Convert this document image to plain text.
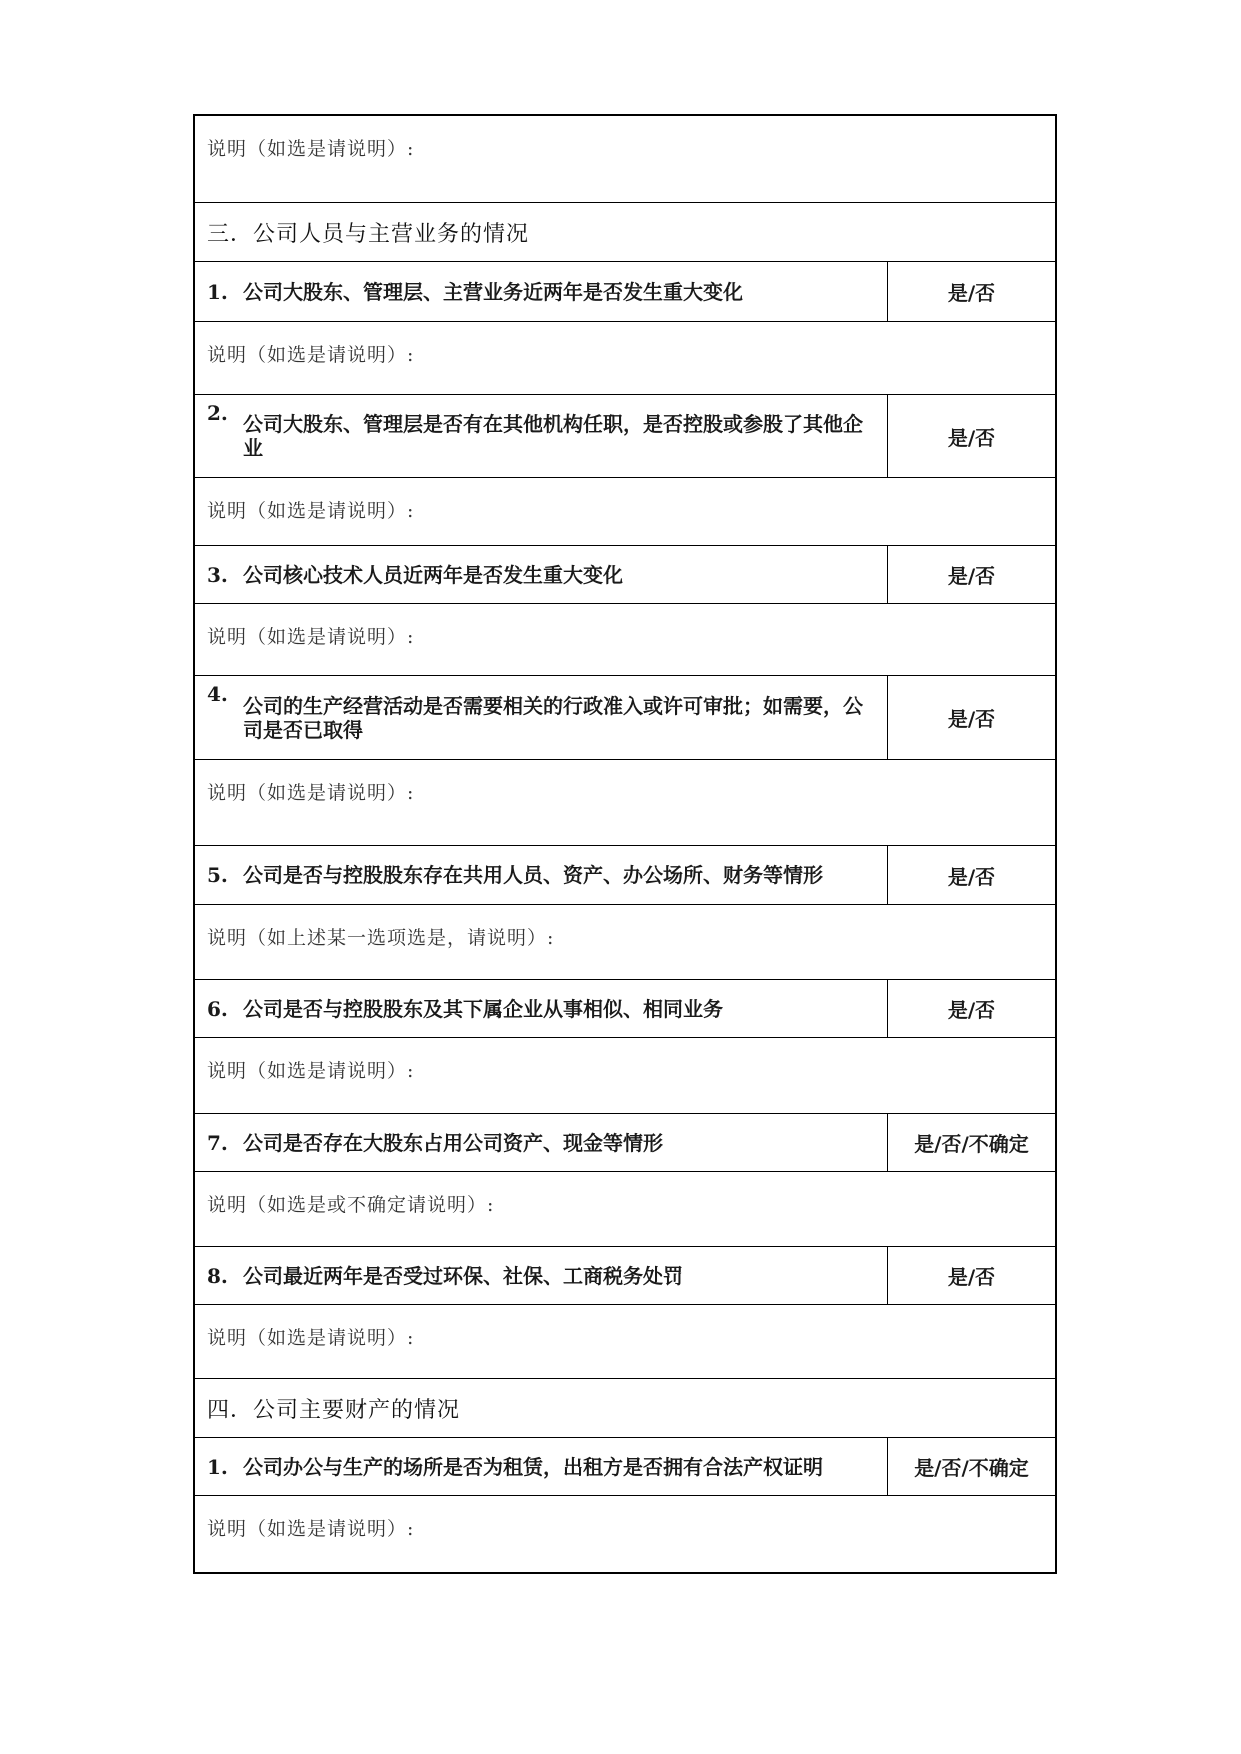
说明（如选是请说明）:
三．公司人员与主营业务的情况
1. 公司大股东、管理层、主营业务近两年是否发生重大变化	是/否
说明（如选是请说明）:
2. 公司大股东、管理层是否有在其他机构任职，是否控股或参股了其他企业	是/否
说明（如选是请说明）:
3. 公司核心技术人员近两年是否发生重大变化	是/否
说明（如选是请说明）:
4. 公司的生产经营活动是否需要相关的行政准入或许可审批；如需要，公司是否已取得	是/否
说明（如选是请说明）:
5. 公司是否与控股股东存在共用人员、资产、办公场所、财务等情形	是/否
说明（如上述某一选项选是，请说明）:
6. 公司是否与控股股东及其下属企业从事相似、相同业务	是/否
说明（如选是请说明）:
7. 公司是否存在大股东占用公司资产、现金等情形	是/否/不确定
说明（如选是或不确定请说明）:
8. 公司最近两年是否受过环保、社保、工商税务处罚	是/否
说明（如选是请说明）:
四．公司主要财产的情况
1. 公司办公与生产的场所是否为租赁，出租方是否拥有合法产权证明	是/否/不确定
说明（如选是请说明）:
